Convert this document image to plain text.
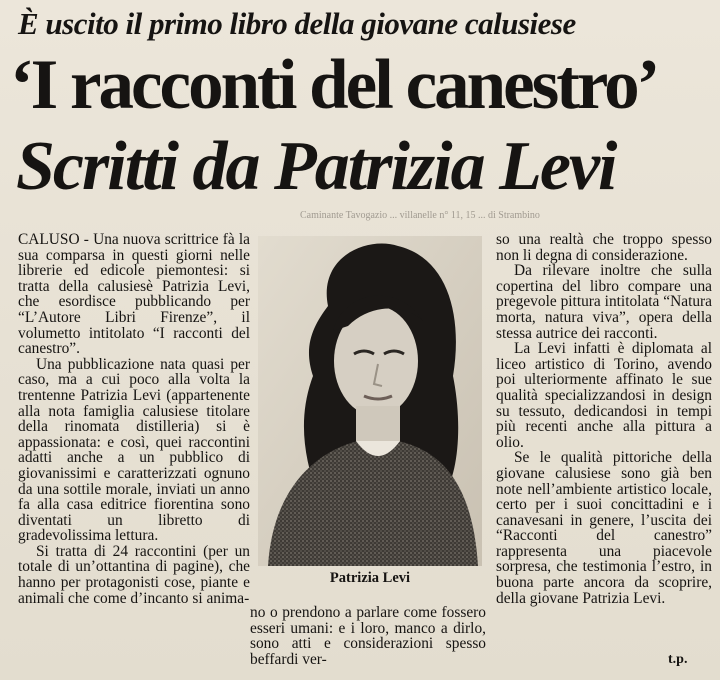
È uscito il primo libro della giovane calusiese
‘I racconti del canestro’
Scritti da Patrizia Levi
Caminante Tavogazio ... villanelle n° 11, 15 ... di Strambino

CALUSO - Una nuova scrittrice fà la sua comparsa in questi giorni nelle librerie ed edicole piemontesi: si tratta della calusiesè Patrizia Levi, che esordisce pubblicando per “L’Autore Libri Firenze”, il volumetto intitolato “I racconti del canestro”.

Una pubblicazione nata quasi per caso, ma a cui poco alla volta la trentenne Patrizia Levi (appartenente alla nota famiglia calusiese titolare della rinomata distilleria) si è appassionata: e così, quei raccontini adatti anche a un pubblico di giovanissimi e caratterizzati ognuno da una sottile morale, inviati un anno fa alla casa editrice fiorentina sono diventati un libretto di gradevolissima lettura.

Si tratta di 24 raccontini (per un totale di un’ottantina di pagine), che hanno per protagonisti cose, piante e animali che come d’incanto si anima-

Patrizia Levi

no o prendono a parlare come fossero esseri umani: e i loro, manco a dirlo, sono atti e considerazioni spesso beffardi ver-

so una realtà che troppo spesso non li degna di considerazione.

Da rilevare inoltre che sulla copertina del libro compare una pregevole pittura intitolata “Natura morta, natura viva”, opera della stessa autrice dei racconti.

La Levi infatti è diplomata al liceo artistico di Torino, avendo poi ulteriormente affinato le sue qualità specializzandosi in design su tessuto, dedicandosi in tempi più recenti anche alla pittura a olio.

Se le qualità pittoriche della giovane calusiese sono già ben note nell’ambiente artistico locale, certo per i suoi concittadini e i canavesani in genere, l’uscita dei “Racconti del canestro” rappresenta una piacevole sorpresa, che testimonia l’estro, in buona parte ancora da scoprire, della giovane Patrizia Levi.

t.p.
